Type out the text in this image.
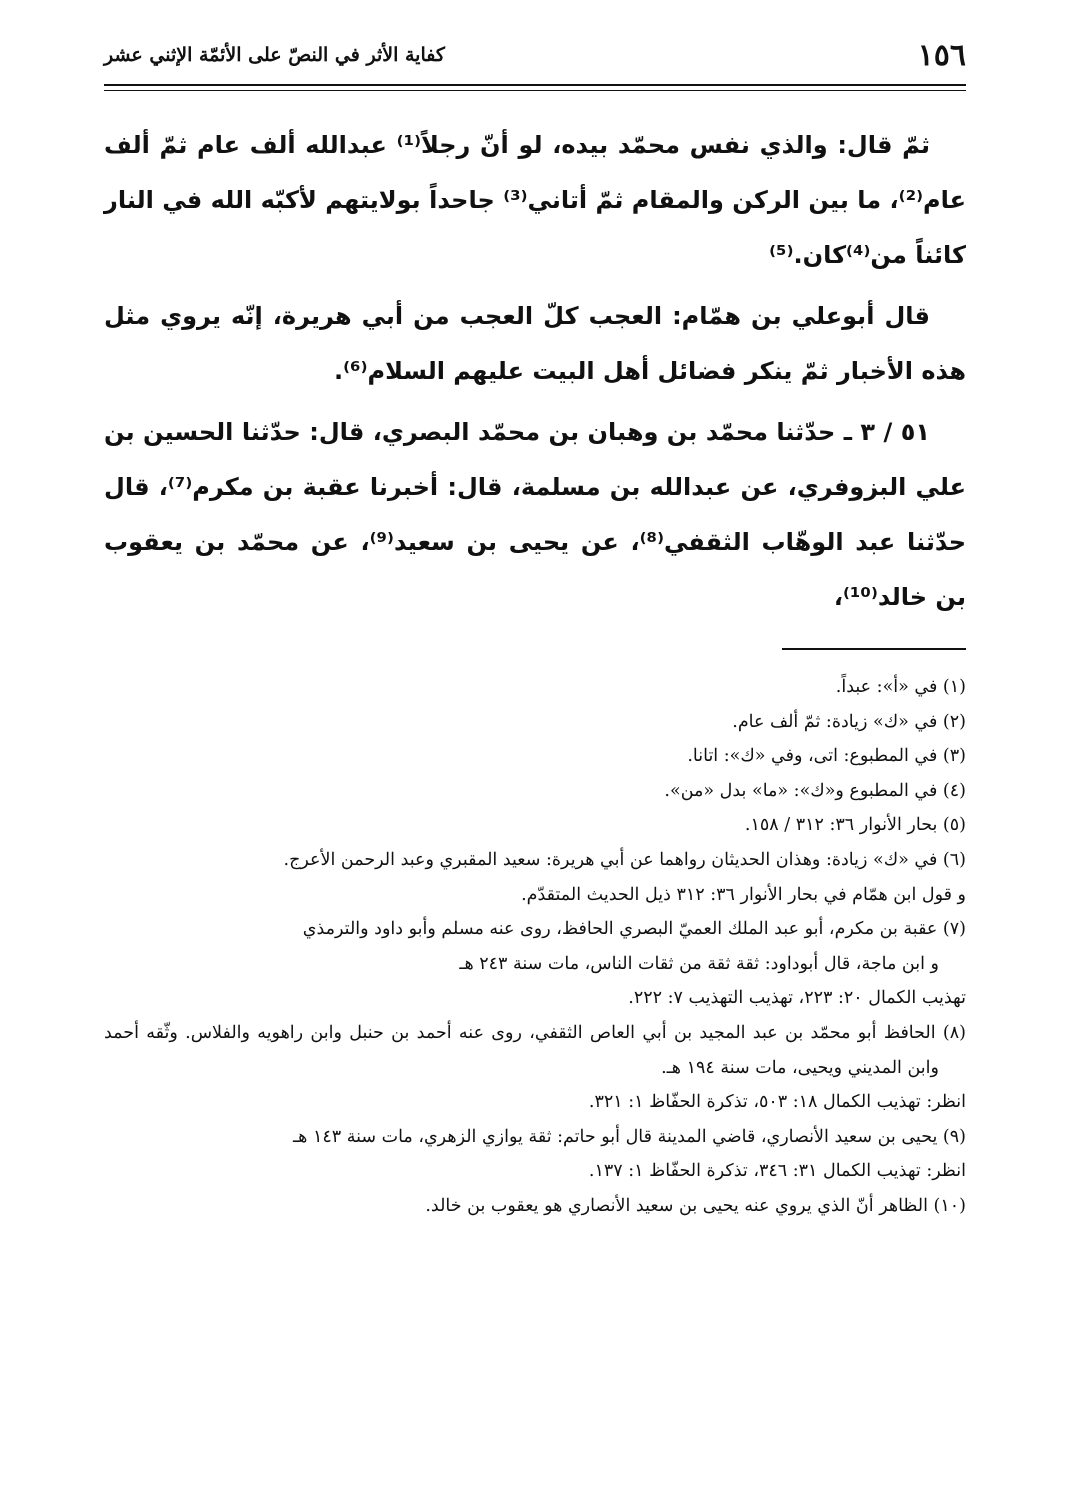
١٥٦
كفاية الأثر في النصّ على الأئمّة الإثني عشر

ثمّ قال: والذي نفس محمّد بيده، لو أنّ رجلاً⁽¹⁾ عبدالله ألف عام ثمّ ألف عام⁽²⁾، ما بين الركن والمقام ثمّ أتاني⁽³⁾ جاحداً بولايتهم لأكبّه الله في النار كائناً من⁽⁴⁾كان.⁽⁵⁾

قال أبوعلي بن همّام: العجب كلّ العجب من أبي هريرة، إنّه يروي مثل هذه الأخبار ثمّ ينكر فضائل أهل البيت عليهم السلام⁽⁶⁾.

٥١ / ٣ ـ حدّثنا محمّد بن وهبان بن محمّد البصري، قال: حدّثنا الحسين بن علي البزوفري، عن عبدالله بن مسلمة، قال: أخبرنا عقبة بن مكرم⁽⁷⁾، قال حدّثنا عبد الوهّاب الثقفي⁽⁸⁾، عن يحيى بن سعيد⁽⁹⁾، عن محمّد بن يعقوب بن خالد⁽¹⁰⁾،

(١) في «أ»: عبداً.

(٢) في «ك» زيادة: ثمّ ألف عام.

(٣) في المطبوع: اتى، وفي «ك»: اتانا.

(٤) في المطبوع و«ك»: «ما» بدل «من».

(٥) بحار الأنوار ٣٦: ٣١٢ / ١٥٨.

(٦) في «ك» زيادة: وهذان الحديثان رواهما عن أبي هريرة: سعيد المقبري وعبد الرحمن الأعرج.

و قول ابن همّام في بحار الأنوار ٣٦: ٣١٢ ذيل الحديث المتقدّم.

(٧) عقبة بن مكرم، أبو عبد الملك العميّ البصري الحافظ، روى عنه مسلم وأبو داود والترمذي

و ابن ماجة، قال أبوداود: ثقة ثقة من ثقات الناس، مات سنة ٢٤٣ هـ

تهذيب الكمال ٢٠: ٢٢٣، تهذيب التهذيب ٧: ٢٢٢.

(٨) الحافظ أبو محمّد بن عبد المجيد بن أبي العاص الثقفي، روى عنه أحمد بن حنبل وابن راهويه والفلاس. وثّقه أحمد وابن المديني ويحيى، مات سنة ١٩٤ هـ.

انظر: تهذيب الكمال ١٨: ٥٠٣، تذكرة الحفّاظ ١: ٣٢١.

(٩) يحيى بن سعيد الأنصاري، قاضي المدينة قال أبو حاتم: ثقة يوازي الزهري، مات سنة ١٤٣ هـ

انظر: تهذيب الكمال ٣١: ٣٤٦، تذكرة الحفّاظ ١: ١٣٧.

(١٠) الظاهر أنّ الذي يروي عنه يحيى بن سعيد الأنصاري هو يعقوب بن خالد.
